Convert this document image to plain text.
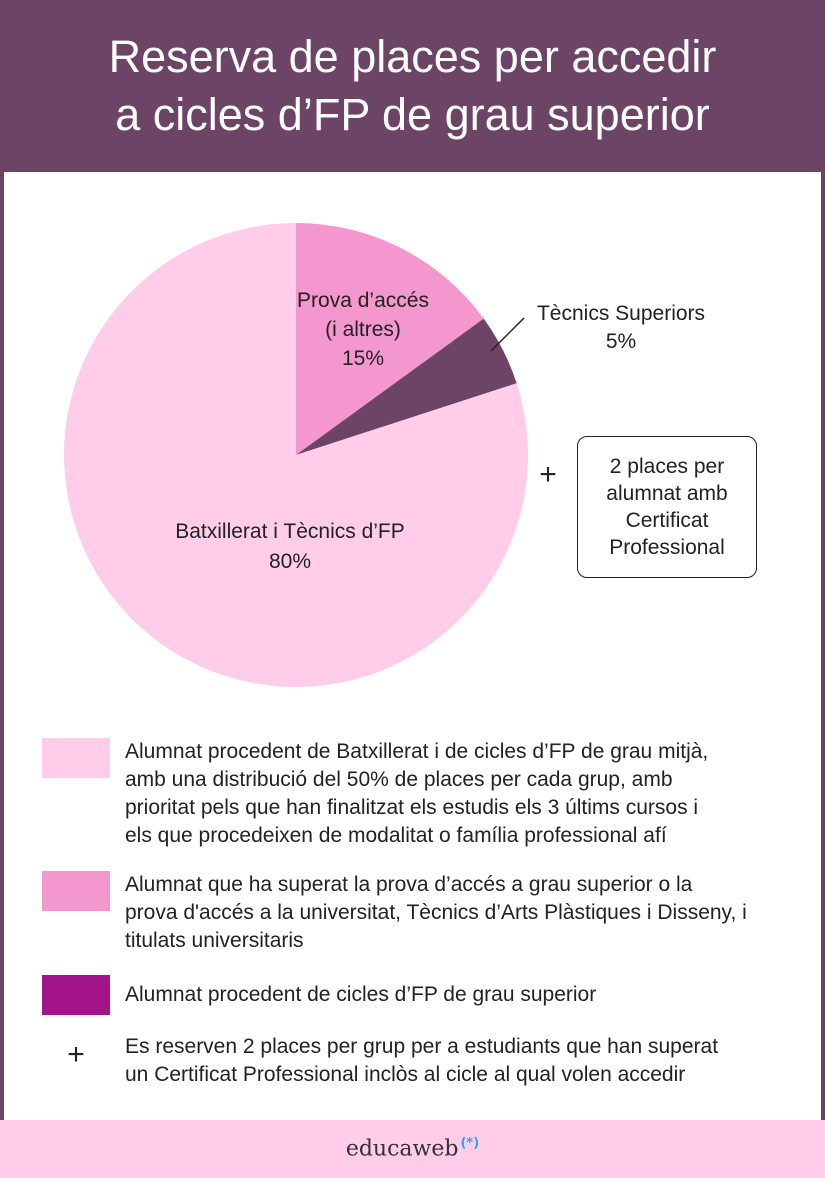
Reserva de places per accedir
a cicles d’FP de grau superior
Batxillerat i Tècnics d’FP
80%
Prova d’accés
(i altres)
15%
Tècnics Superiors
5%
+	2 places per
alumnat amb
Certificat
Professional
Alumnat procedent de Batxillerat i de cicles d’FP de grau mitjà,
amb una distribució del 50% de places per cada grup, amb
prioritat pels que han finalitzat els estudis els 3 últims cursos i
els que procedeixen de modalitat o família professional afí
Alumnat que ha superat la prova d’accés a grau superior o la
prova d'accés a la universitat, Tècnics d’Arts Plàstiques i Disseny, i
titulats universitaris
Alumnat procedent de cicles d’FP de grau superior
+	Es reserven 2 places per grup per a estudiants que han superat
un Certificat Professional inclòs al cicle al qual volen accedir
educaweb (*)
